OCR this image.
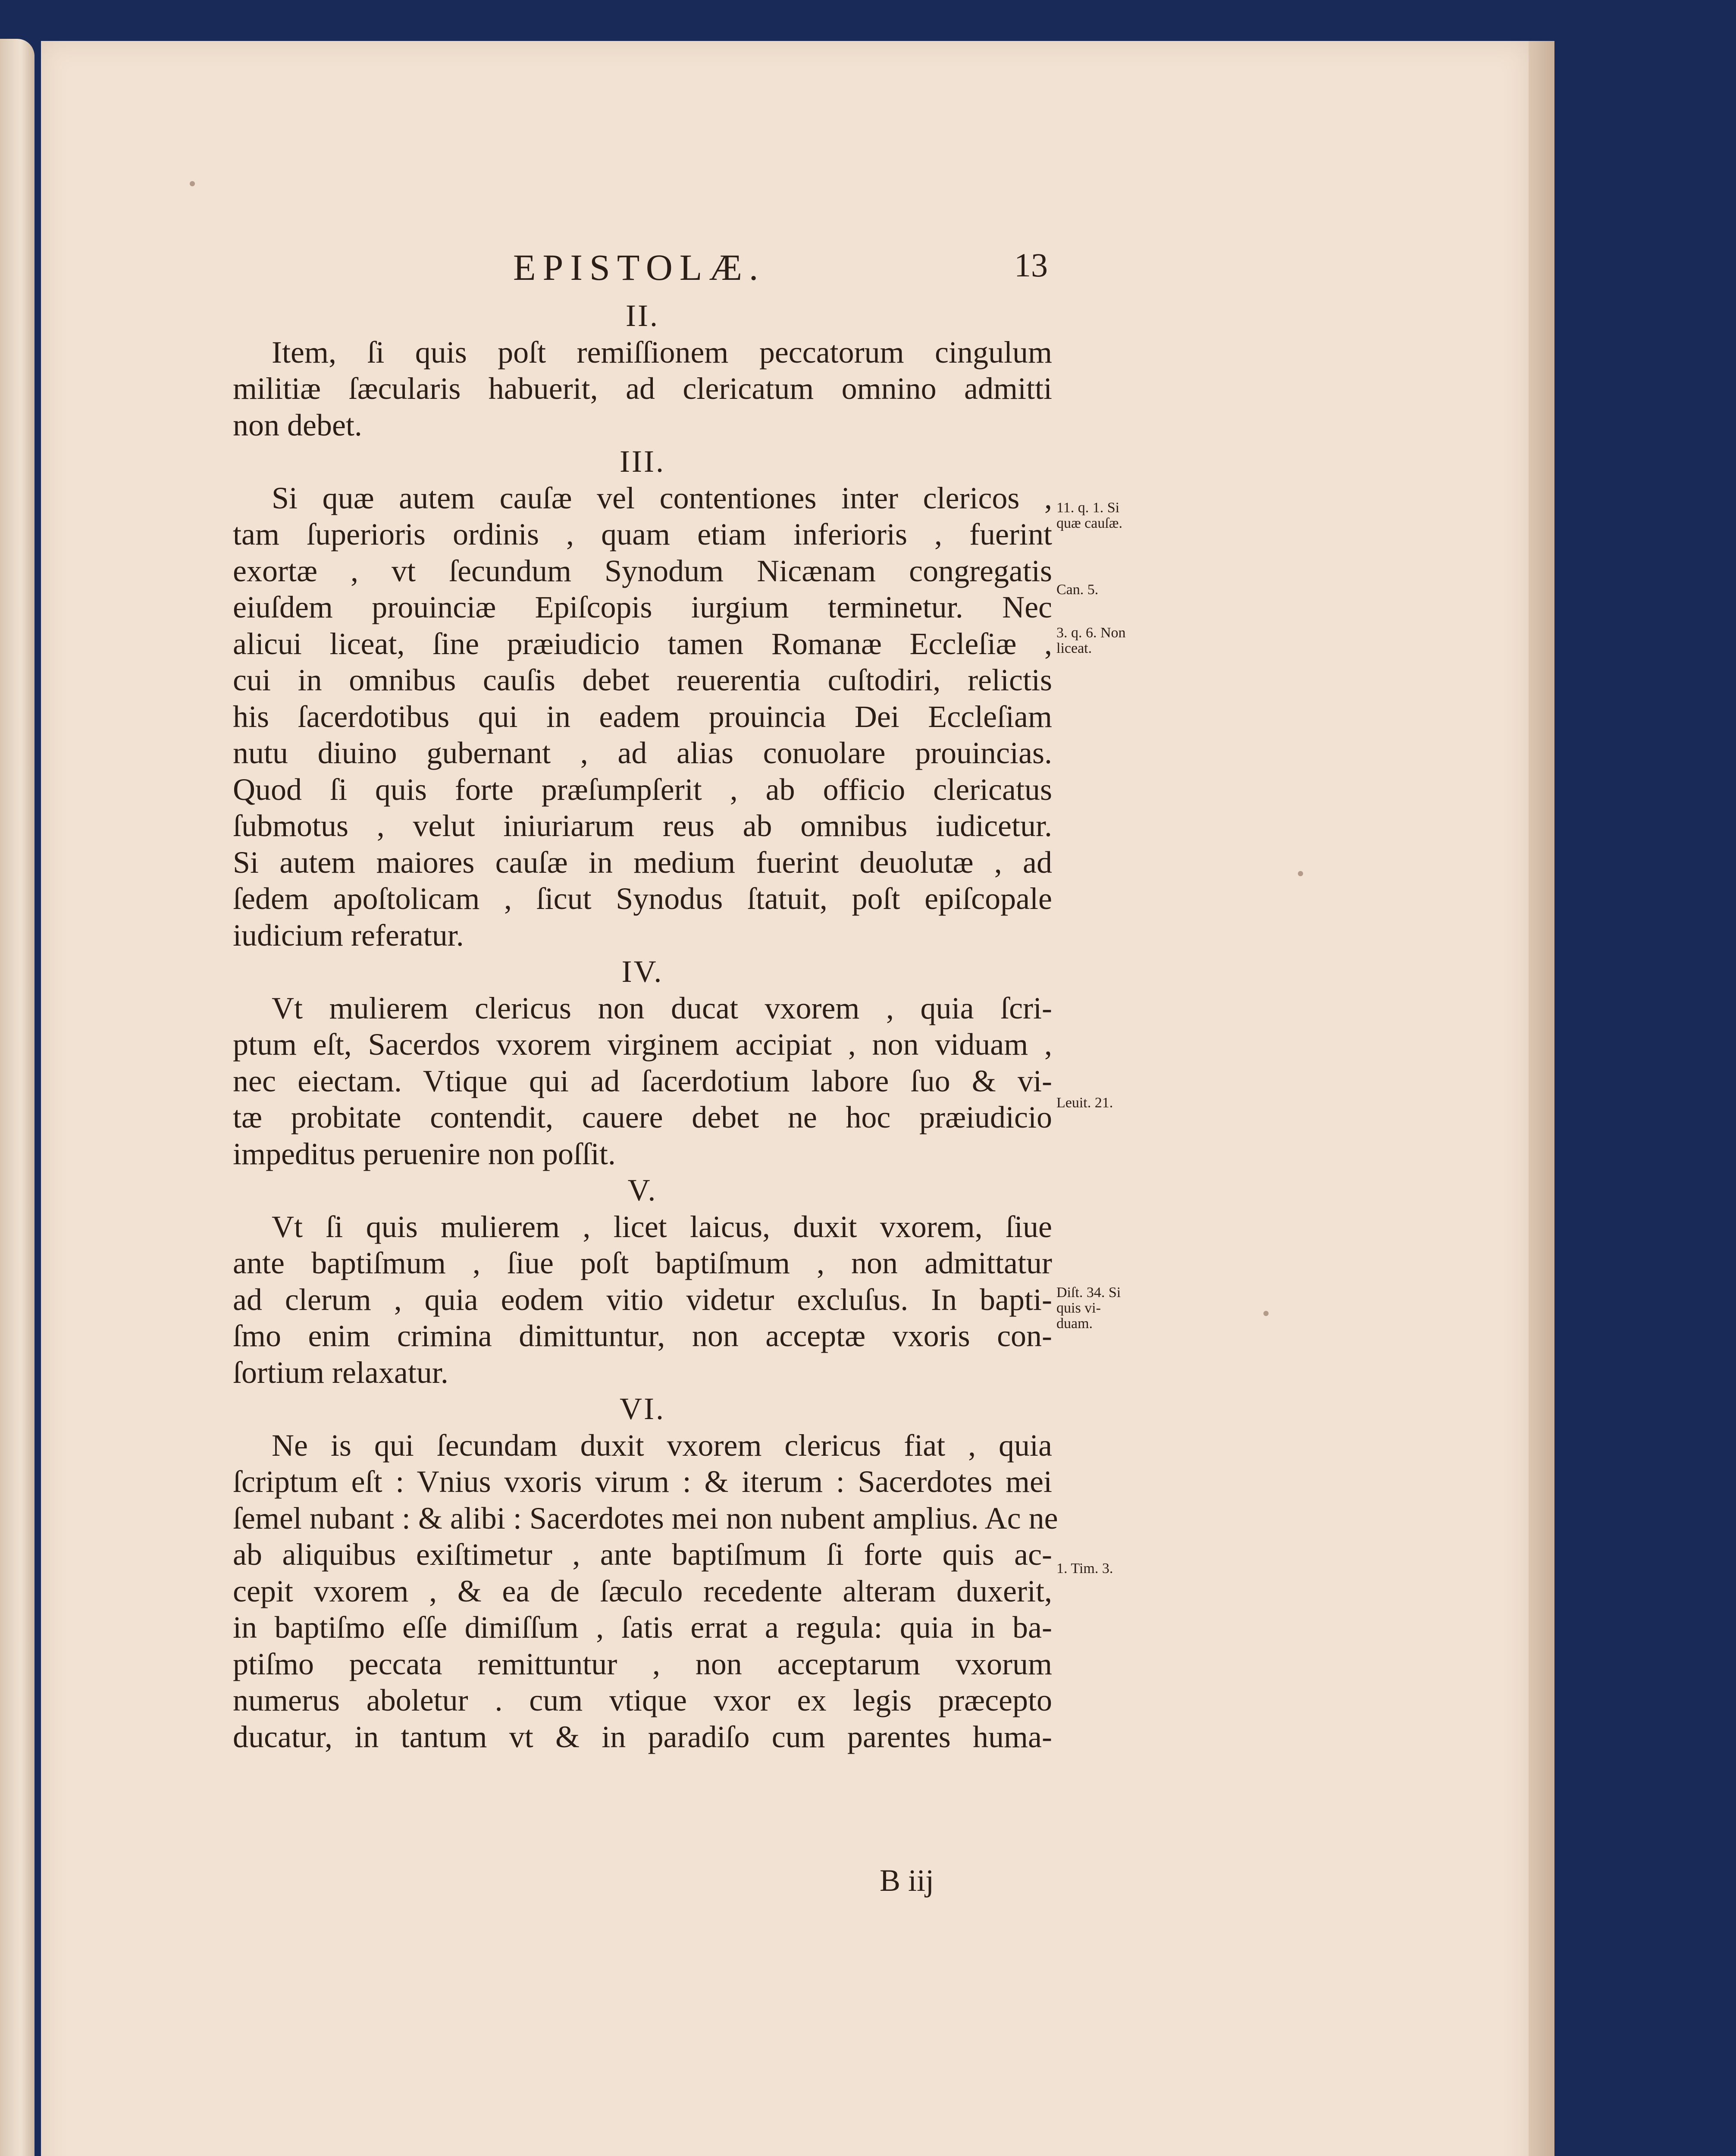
EPISTOLÆ.	13
II.

Item, ſi quis poſt remiſſionem peccatorum cingulum

militiæ ſæcularis habuerit, ad clericatum omnino admitti

non debet.

III.

Si quæ autem cauſæ vel contentiones inter clericos ,

tam ſuperioris ordinis , quam etiam inferioris , fuerint

exortæ , vt ſecundum Synodum Nicænam congregatis

eiuſdem prouinciæ Epiſcopis iurgium terminetur. Nec

alicui liceat, ſine præiudicio tamen Romanæ Eccleſiæ ,

cui in omnibus cauſis debet reuerentia cuſtodiri, relictis

his ſacerdotibus qui in eadem prouincia Dei Eccleſiam

nutu diuino gubernant , ad alias conuolare prouincias.

Quod ſi quis forte præſumpſerit , ab officio clericatus

ſubmotus , velut iniuriarum reus ab omnibus iudicetur.

Si autem maiores cauſæ in medium fuerint deuolutæ , ad

ſedem apoſtolicam , ſicut Synodus ſtatuit, poſt epiſcopale

iudicium referatur.

IV.

Vt mulierem clericus non ducat vxorem , quia ſcri-

ptum eſt, Sacerdos vxorem virginem accipiat , non viduam ,

nec eiectam. Vtique qui ad ſacerdotium labore ſuo & vi-

tæ probitate contendit, cauere debet ne hoc præiudicio

impeditus peruenire non poſſit.

V.

Vt ſi quis mulierem , licet laicus, duxit vxorem, ſiue

ante baptiſmum , ſiue poſt baptiſmum , non admittatur

ad clerum , quia eodem vitio videtur excluſus. In bapti-

ſmo enim crimina dimittuntur, non acceptæ vxoris con-

ſortium relaxatur.

VI.

Ne is qui ſecundam duxit vxorem clericus fiat , quia

ſcriptum eſt : Vnius vxoris virum : & iterum : Sacerdotes mei

ſemel nubant : & alibi : Sacerdotes mei non nubent amplius. Ac ne

ab aliquibus exiſtimetur , ante baptiſmum ſi forte quis ac-

cepit vxorem , & ea de ſæculo recedente alteram duxerit,

in baptiſmo eſſe dimiſſum , ſatis errat a regula: quia in ba-

ptiſmo peccata remittuntur , non acceptarum vxorum

numerus aboletur . cum vtique vxor ex legis præcepto

ducatur, in tantum vt & in paradiſo cum parentes huma-

11. q. 1. Si
quæ cauſæ.
Can. 5.
3. q. 6. Non
liceat.
Leuit. 21.
Diſt. 34. Si
quis vi-
duam.
1. Tim. 3.
B iij
